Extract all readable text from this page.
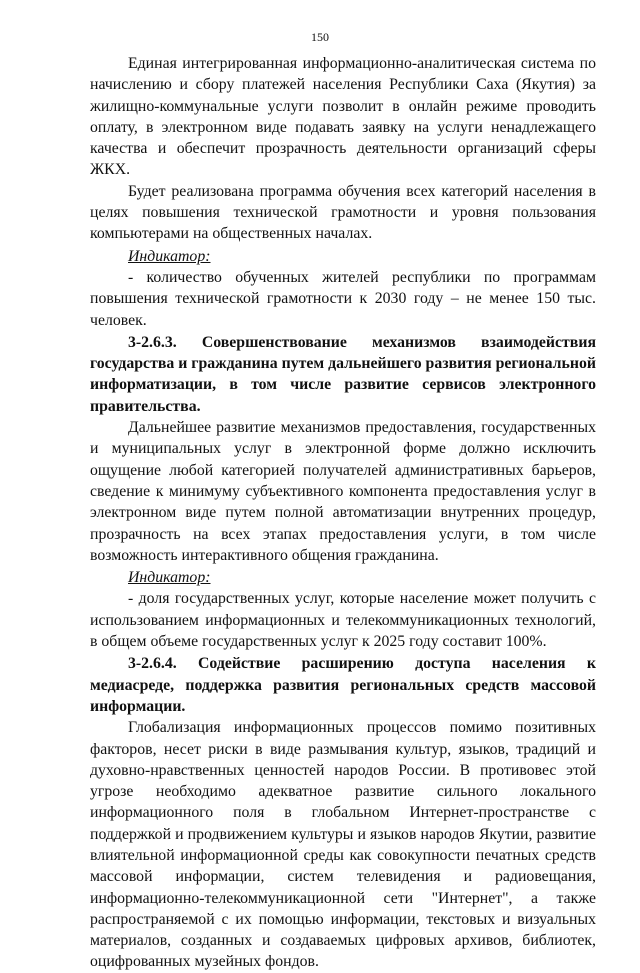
150

Единая интегрированная информационно-аналитическая система по начислению и сбору платежей населения Республики Саха (Якутия) за жилищно-коммунальные услуги позволит в онлайн режиме проводить оплату, в электронном виде подавать заявку на услуги ненадлежащего качества и обеспечит прозрачность деятельности организаций сферы ЖКХ.

Будет реализована программа обучения всех категорий населения в целях повышения технической грамотности и уровня пользования компьютерами на общественных началах.

Индикатор:

- количество обученных жителей республики по программам повышения технической грамотности к 2030 году – не менее 150 тыс. человек.

3-2.6.3. Совершенствование механизмов взаимодействия государства и гражданина путем дальнейшего развития региональной информатизации, в том числе развитие сервисов электронного правительства.

Дальнейшее развитие механизмов предоставления, государственных и муниципальных услуг в электронной форме должно исключить ощущение любой категорией получателей административных барьеров, сведение к минимуму субъективного компонента предоставления услуг в электронном виде путем полной автоматизации внутренних процедур, прозрачность на всех этапах предоставления услуги, в том числе возможность интерактивного общения гражданина.

Индикатор:

- доля государственных услуг, которые население может получить с использованием информационных и телекоммуникационных технологий, в общем объеме государственных услуг к 2025 году составит 100%.

3-2.6.4. Содействие расширению доступа населения к медиасреде, поддержка развития региональных средств массовой информации.

Глобализация информационных процессов помимо позитивных факторов, несет риски в виде размывания культур, языков, традиций и духовно-нравственных ценностей народов России. В противовес этой угрозе необходимо адекватное развитие сильного локального информационного поля в глобальном Интернет-пространстве с поддержкой и продвижением культуры и языков народов Якутии, развитие влиятельной информационной среды как совокупности печатных средств массовой информации, систем телевидения и радиовещания, информационно-телекоммуникационной сети "Интернет", а также распространяемой с их помощью информации, текстовых и визуальных материалов, созданных и создаваемых цифровых архивов, библиотек, оцифрованных музейных фондов.
